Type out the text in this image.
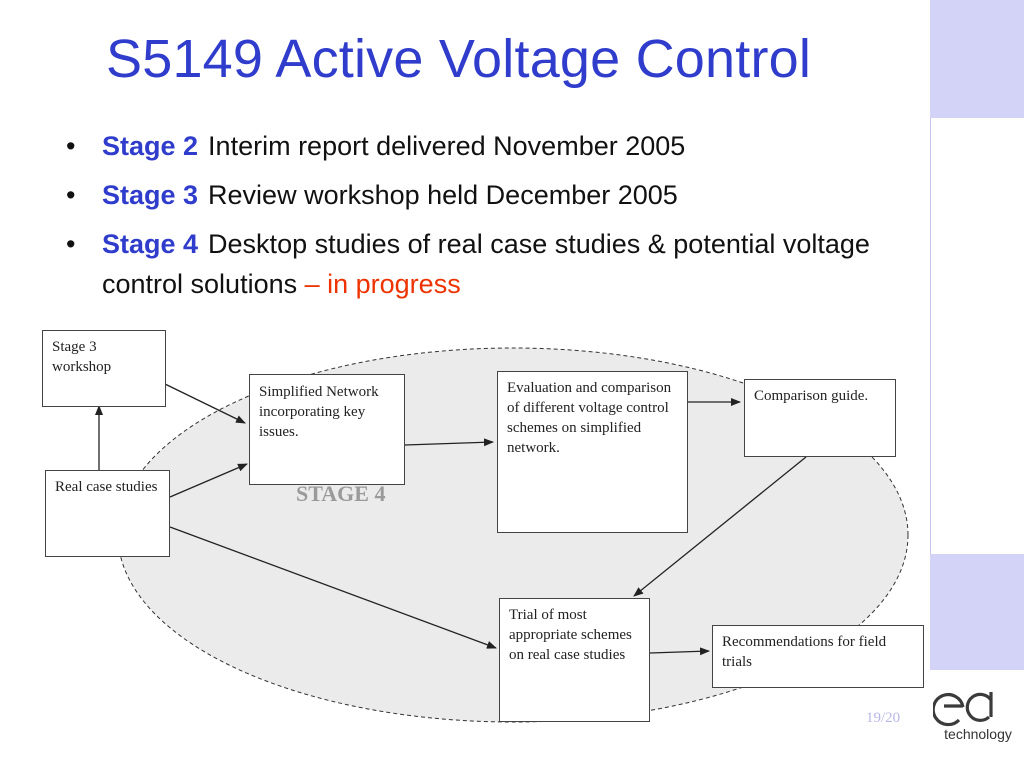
S5149 Active Voltage Control
• Stage 2 Interim report delivered November 2005
• Stage 3 Review workshop held December 2005
• Stage 4 Desktop studies of real case studies & potential voltage control solutions – in progress
Stage 3 workshop
Real case studies
Simplified Network incorporating key issues.
Evaluation and comparison of different voltage control schemes on simplified network.
Comparison guide.
Trial of most appropriate schemes on real case studies
Recommendations for field trials
STAGE 4
19/20
technology
